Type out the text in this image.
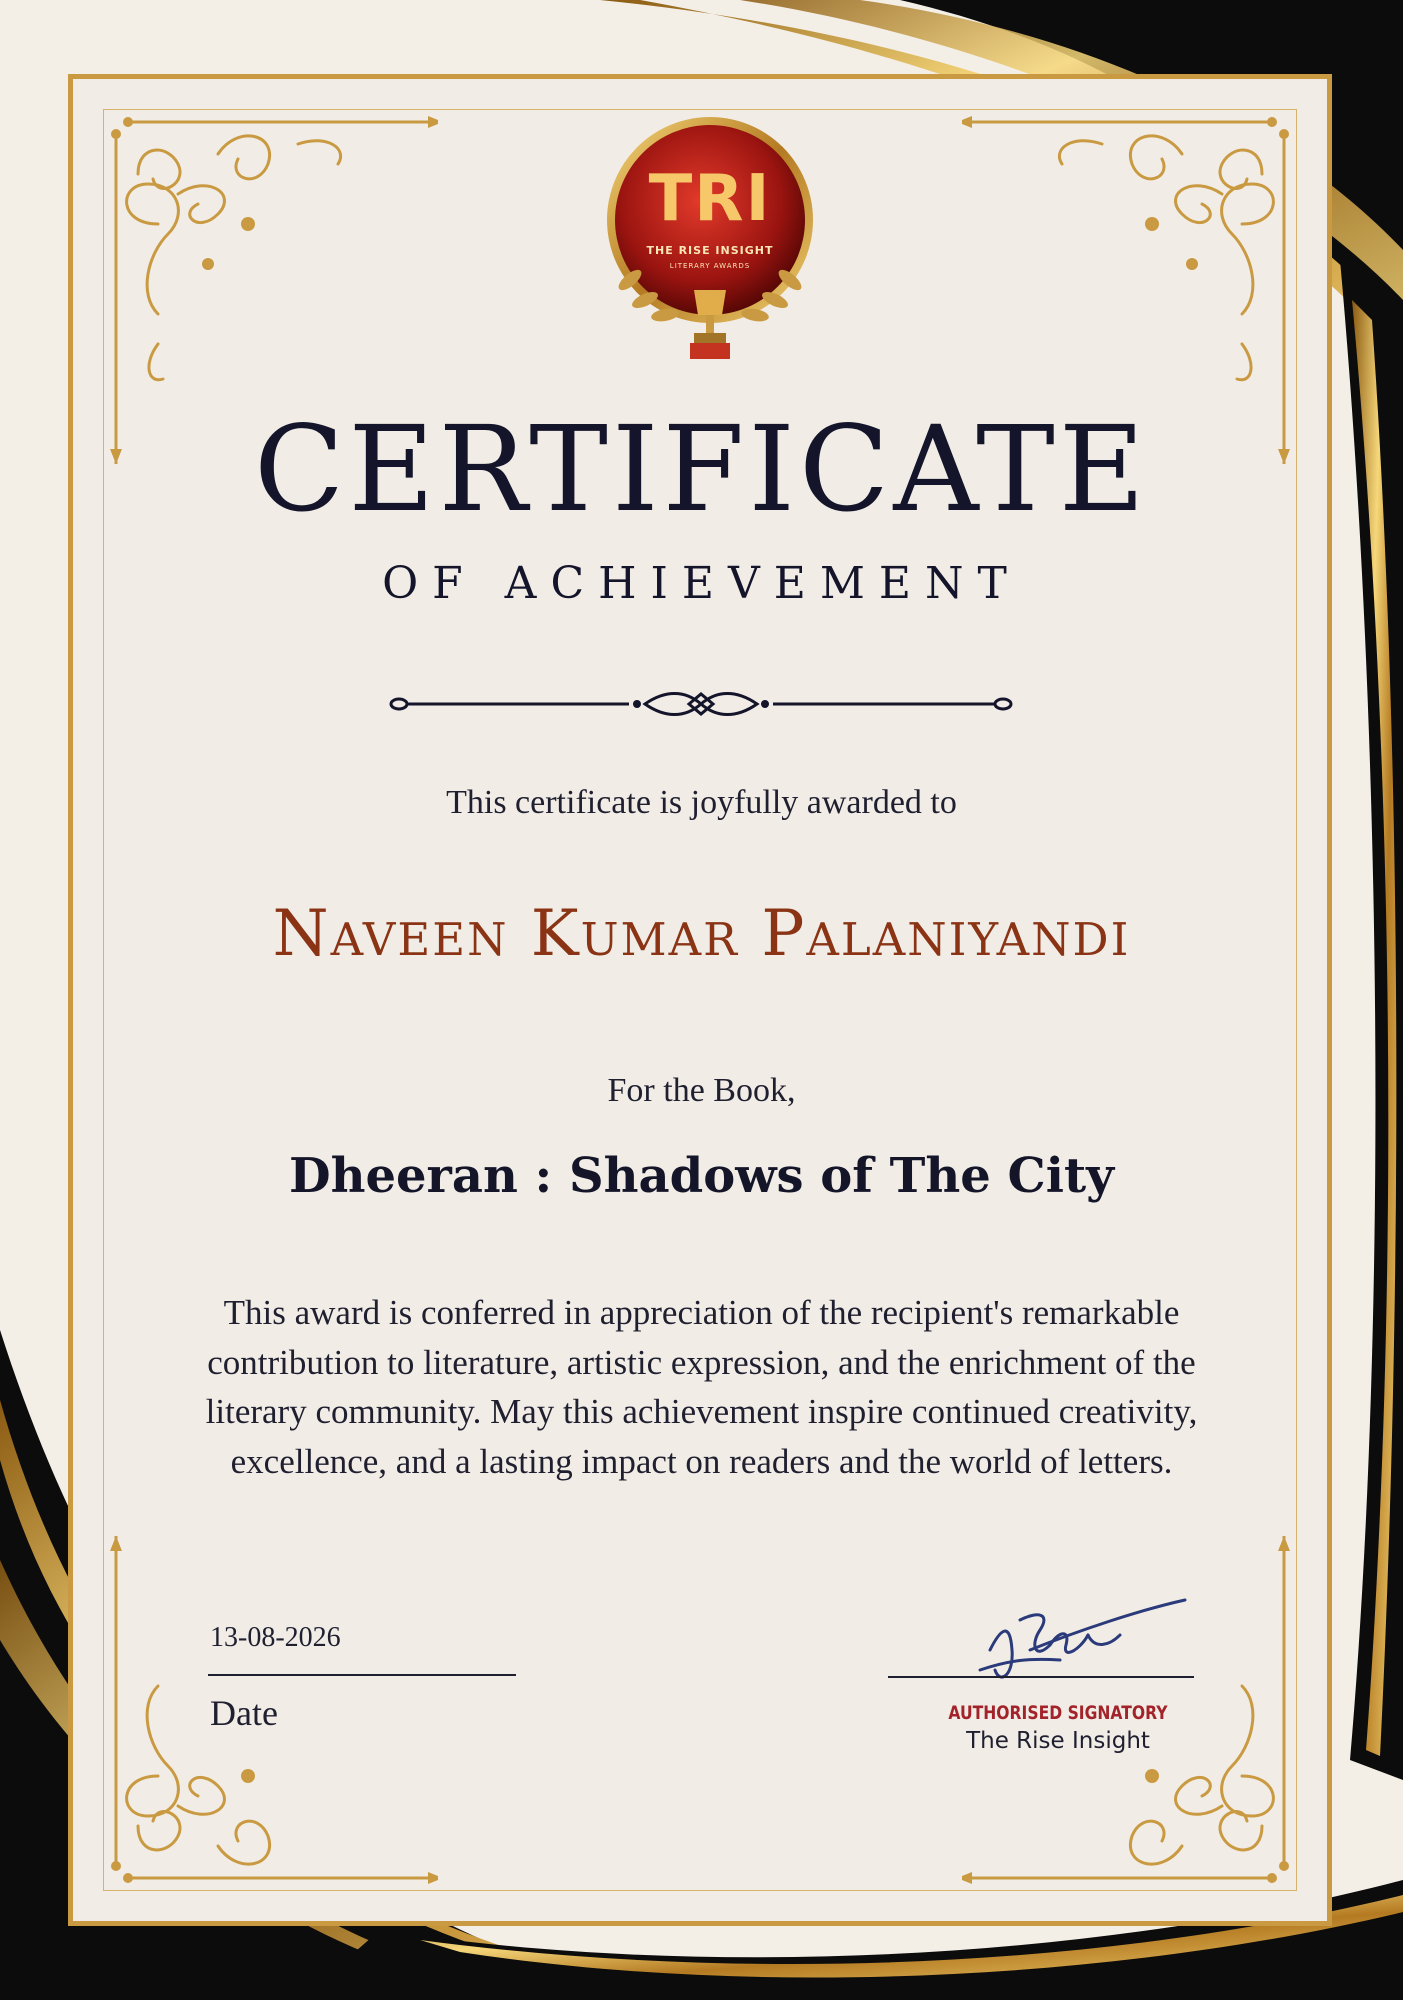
TRI
THE RISE INSIGHT
LITERARY AWARDS
CERTIFICATE
OF ACHIEVEMENT
This certificate is joyfully awarded to
Naveen Kumar Palaniyandi
For the Book,
Dheeran : Shadows of The City
This award is conferred in appreciation of the recipient's remarkable contribution to literature, artistic expression, and the enrichment of the literary community. May this achievement inspire continued creativity, excellence, and a lasting impact on readers and the world of letters.
13-08-2026
Date	AUTHORISED SIGNATORY
The Rise Insight
